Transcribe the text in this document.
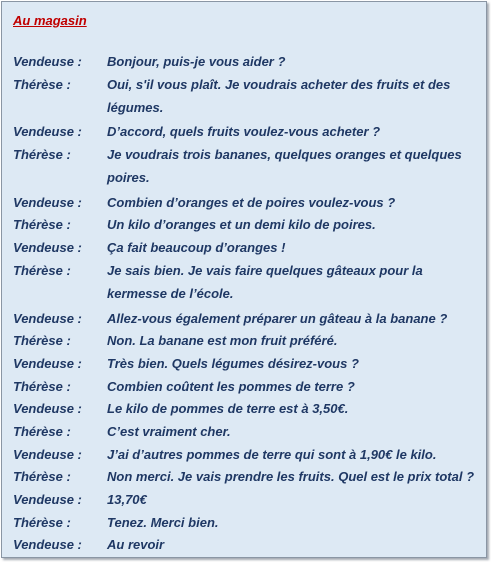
Au magasin
Vendeuse :	Bonjour, puis-je vous aider ?
Thérèse :	Oui, s'il vous plaît. Je voudrais acheter des fruits et des légumes.
Vendeuse :	D’accord, quels fruits voulez-vous acheter ?
Thérèse :	Je voudrais trois bananes, quelques oranges et quelques poires.
Vendeuse :	Combien d’oranges et de poires voulez-vous ?
Thérèse :	Un kilo d’oranges et un demi kilo de poires.
Vendeuse :	Ça fait beaucoup d’oranges !
Thérèse :	Je sais bien. Je vais faire quelques gâteaux pour la kermesse de l’école.
Vendeuse :	Allez-vous également préparer un gâteau à la banane ?
Thérèse :	Non. La banane est mon fruit préféré.
Vendeuse :	Très bien. Quels légumes désirez-vous ?
Thérèse :	Combien coûtent les pommes de terre ?
Vendeuse :	Le kilo de pommes de terre est à 3,50€.
Thérèse :	C’est vraiment cher.
Vendeuse :	J’ai d’autres pommes de terre qui sont à 1,90€ le kilo.
Thérèse :	Non merci. Je vais prendre les fruits. Quel est le prix total ?
Vendeuse :	13,70€
Thérèse :	Tenez. Merci bien.
Vendeuse :	Au revoir
